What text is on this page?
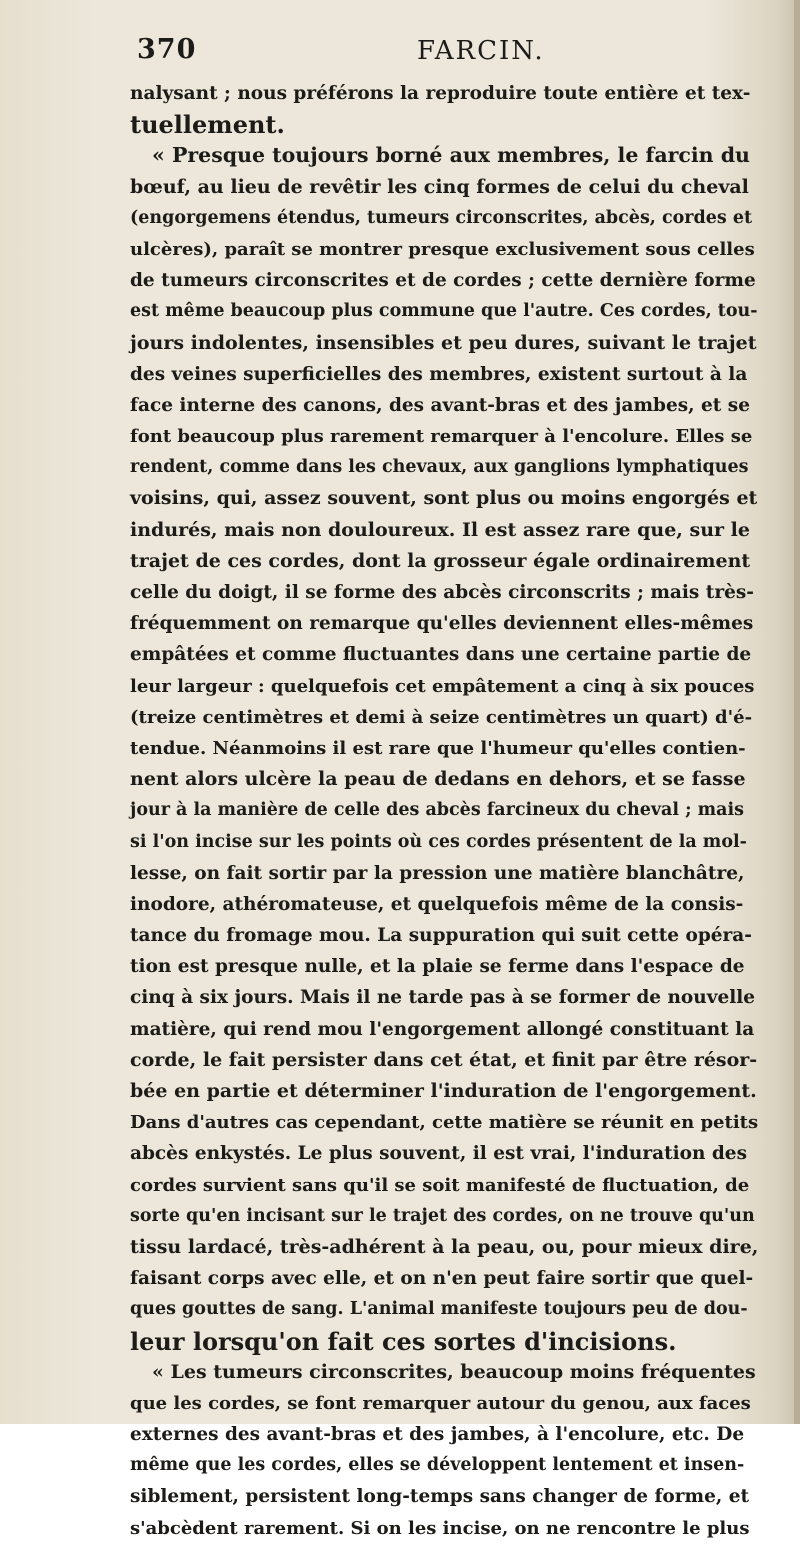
370	FARCIN.
nalysant ; nous préférons la reproduire toute entière et tex-
tuellement.
« Presque toujours borné aux membres, le farcin du
bœuf, au lieu de revêtir les cinq formes de celui du cheval
(engorgemens étendus, tumeurs circonscrites, abcès, cordes et
ulcères), paraît se montrer presque exclusivement sous celles
de tumeurs circonscrites et de cordes ; cette dernière forme
est même beaucoup plus commune que l'autre. Ces cordes, tou-
jours indolentes, insensibles et peu dures, suivant le trajet
des veines superficielles des membres, existent surtout à la
face interne des canons, des avant-bras et des jambes, et se
font beaucoup plus rarement remarquer à l'encolure. Elles se
rendent, comme dans les chevaux, aux ganglions lymphatiques
voisins, qui, assez souvent, sont plus ou moins engorgés et
indurés, mais non douloureux. Il est assez rare que, sur le
trajet de ces cordes, dont la grosseur égale ordinairement
celle du doigt, il se forme des abcès circonscrits ; mais très-
fréquemment on remarque qu'elles deviennent elles-mêmes
empâtées et comme fluctuantes dans une certaine partie de
leur largeur : quelquefois cet empâtement a cinq à six pouces
(treize centimètres et demi à seize centimètres un quart) d'é-
tendue. Néanmoins il est rare que l'humeur qu'elles contien-
nent alors ulcère la peau de dedans en dehors, et se fasse
jour à la manière de celle des abcès farcineux du cheval ; mais
si l'on incise sur les points où ces cordes présentent de la mol-
lesse, on fait sortir par la pression une matière blanchâtre,
inodore, athéromateuse, et quelquefois même de la consis-
tance du fromage mou. La suppuration qui suit cette opéra-
tion est presque nulle, et la plaie se ferme dans l'espace de
cinq à six jours. Mais il ne tarde pas à se former de nouvelle
matière, qui rend mou l'engorgement allongé constituant la
corde, le fait persister dans cet état, et finit par être résor-
bée en partie et déterminer l'induration de l'engorgement.
Dans d'autres cas cependant, cette matière se réunit en petits
abcès enkystés. Le plus souvent, il est vrai, l'induration des
cordes survient sans qu'il se soit manifesté de fluctuation, de
sorte qu'en incisant sur le trajet des cordes, on ne trouve qu'un
tissu lardacé, très-adhérent à la peau, ou, pour mieux dire,
faisant corps avec elle, et on n'en peut faire sortir que quel-
ques gouttes de sang. L'animal manifeste toujours peu de dou-
leur lorsqu'on fait ces sortes d'incisions.
« Les tumeurs circonscrites, beaucoup moins fréquentes
que les cordes, se font remarquer autour du genou, aux faces
externes des avant-bras et des jambes, à l'encolure, etc. De
même que les cordes, elles se développent lentement et insen-
siblement, persistent long-temps sans changer de forme, et
s'abcèdent rarement. Si on les incise, on ne rencontre le plus
